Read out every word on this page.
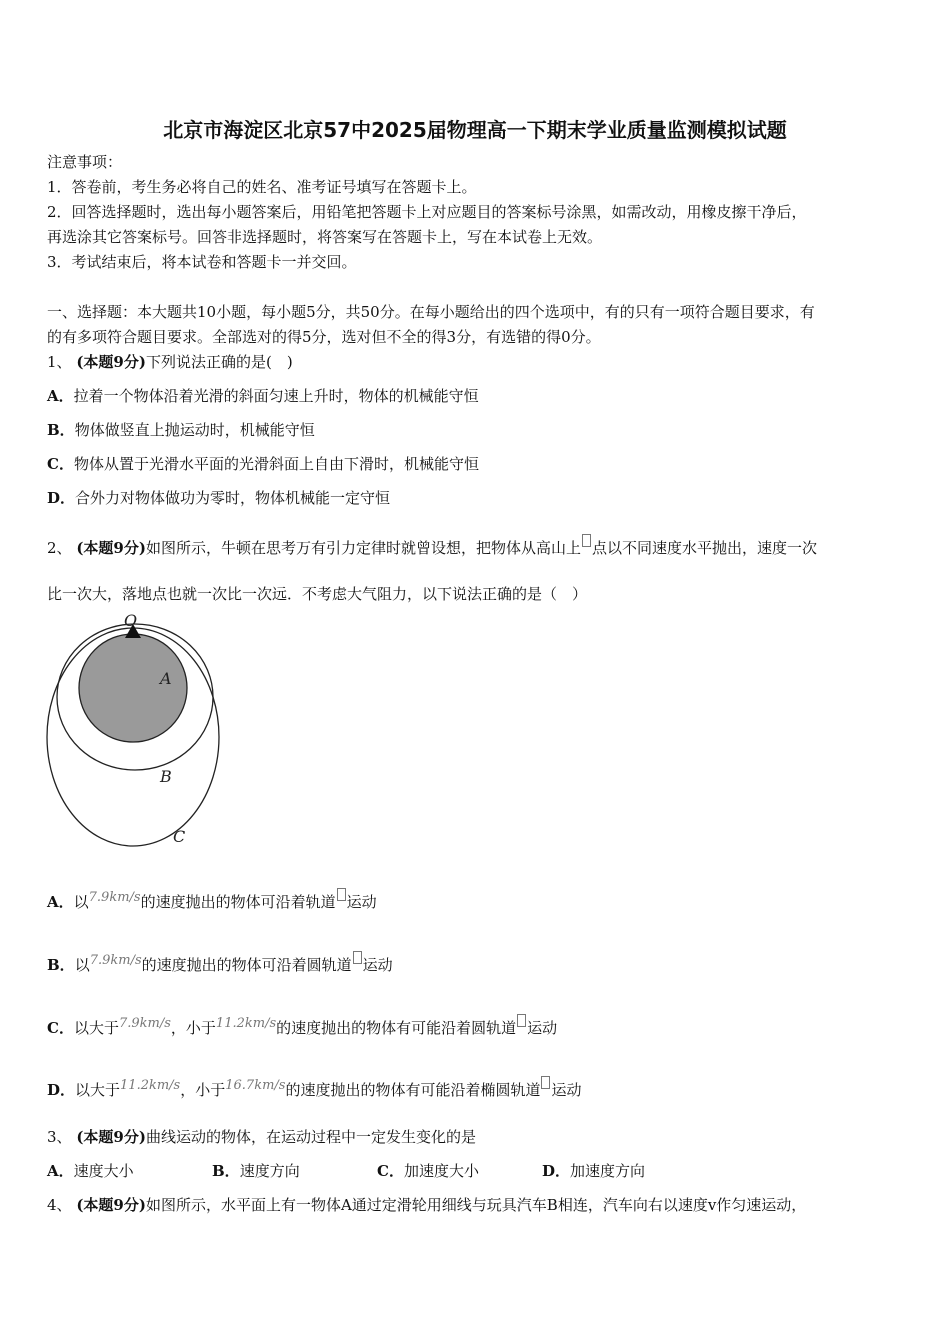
北京市海淀区北京57中2025届物理高一下期末学业质量监测模拟试题
注意事项：
1．答卷前，考生务必将自己的姓名、准考证号填写在答题卡上。
2．回答选择题时，选出每小题答案后，用铅笔把答题卡上对应题目的答案标号涂黑，如需改动，用橡皮擦干净后，
再选涂其它答案标号。回答非选择题时，将答案写在答题卡上，写在本试卷上无效。
3．考试结束后，将本试卷和答题卡一并交回。
一、选择题：本大题共10小题，每小题5分，共50分。在每小题给出的四个选项中，有的只有一项符合题目要求，有
的有多项符合题目要求。全部选对的得5分，选对但不全的得3分，有选错的得0分。
1、 (本题9分)下列说法正确的是(　)
A．拉着一个物体沿着光滑的斜面匀速上升时，物体的机械能守恒
B．物体做竖直上抛运动时，机械能守恒
C．物体从置于光滑水平面的光滑斜面上自由下滑时，机械能守恒
D．合外力对物体做功为零时，物体机械能一定守恒
2、 (本题9分)如图所示，牛顿在思考万有引力定律时就曾设想，把物体从高山上 点以不同速度水平抛出，速度一次
比一次大，落地点也就一次比一次远．不考虑大气阻力，以下说法正确的是（　）
O
A
B
C
A．以7.9km/s的速度抛出的物体可沿着轨道 运动
B．以7.9km/s的速度抛出的物体可沿着圆轨道 运动
C．以大于7.9km/s，小于11.2km/s的速度抛出的物体有可能沿着圆轨道 运动
D．以大于11.2km/s，小于16.7km/s的速度抛出的物体有可能沿着椭圆轨道 运动
3、 (本题9分)曲线运动的物体，在运动过程中一定发生变化的是
A．速度大小	B．速度方向	C．加速度大小	D．加速度方向
4、 (本题9分)如图所示，水平面上有一物体A通过定滑轮用细线与玩具汽车B相连，汽车向右以速度v作匀速运动，
